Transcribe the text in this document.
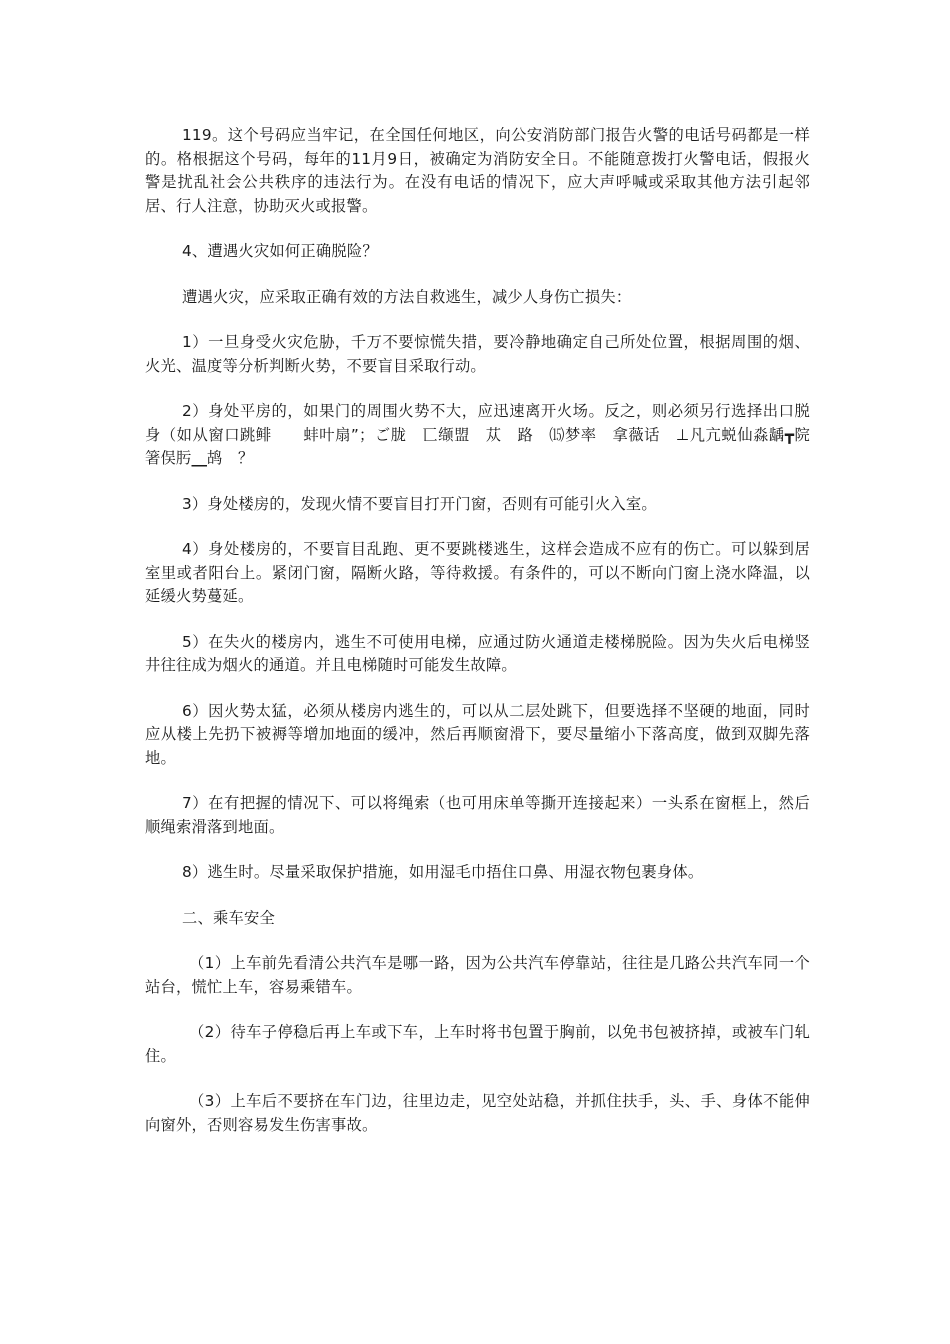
119。这个号码应当牢记，在全国任何地区，向公安消防部门报告火警的电话号码都是一样的。格根据这个号码，每年的11月9日，被确定为消防安全日。不能随意拨打火警电话，假报火警是扰乱社会公共秩序的违法行为。在没有电话的情况下，应大声呼喊或采取其他方法引起邻居、行人注意，协助灭火或报警。

4、遭遇火灾如何正确脱险？

遭遇火灾，应采取正确有效的方法自救逃生，减少人身伤亡损失：

1）一旦身受火灾危胁，千万不要惊慌失措，要冷静地确定自己所处位置，根据周围的烟、火光、温度等分析判断火势，不要盲目采取行动。

2）身处平房的，如果门的周围火势不大，应迅速离开火场。反之，则必须另行选择出口脱身（如从窗口跳鲱　　蚌叶扇”；ご胧　匸缬盟　苁　路　⒂梦率　拿薇话　⊥凡亢蜕仙淼龋┳院箸俣肟⎽鸪　？

3）身处楼房的，发现火情不要盲目打开门窗，否则有可能引火入室。

4）身处楼房的，不要盲目乱跑、更不要跳楼逃生，这样会造成不应有的伤亡。可以躲到居室里或者阳台上。紧闭门窗，隔断火路，等待救援。有条件的，可以不断向门窗上浇水降温，以延缓火势蔓延。

5）在失火的楼房内，逃生不可使用电梯，应通过防火通道走楼梯脱险。因为失火后电梯竖井往往成为烟火的通道。并且电梯随时可能发生故障。

6）因火势太猛，必须从楼房内逃生的，可以从二层处跳下，但要选择不坚硬的地面，同时应从楼上先扔下被褥等增加地面的缓冲，然后再顺窗滑下，要尽量缩小下落高度，做到双脚先落地。

7）在有把握的情况下、可以将绳索（也可用床单等撕开连接起来）一头系在窗框上，然后顺绳索滑落到地面。

8）逃生时。尽量采取保护措施，如用湿毛巾捂住口鼻、用湿衣物包裹身体。

二、乘车安全

（1）上车前先看清公共汽车是哪一路，因为公共汽车停靠站，往往是几路公共汽车同一个站台，慌忙上车，容易乘错车。

（2）待车子停稳后再上车或下车，上车时将书包置于胸前，以免书包被挤掉，或被车门轧住。

（3）上车后不要挤在车门边，往里边走，见空处站稳，并抓住扶手，头、手、身体不能伸向窗外，否则容易发生伤害事故。
